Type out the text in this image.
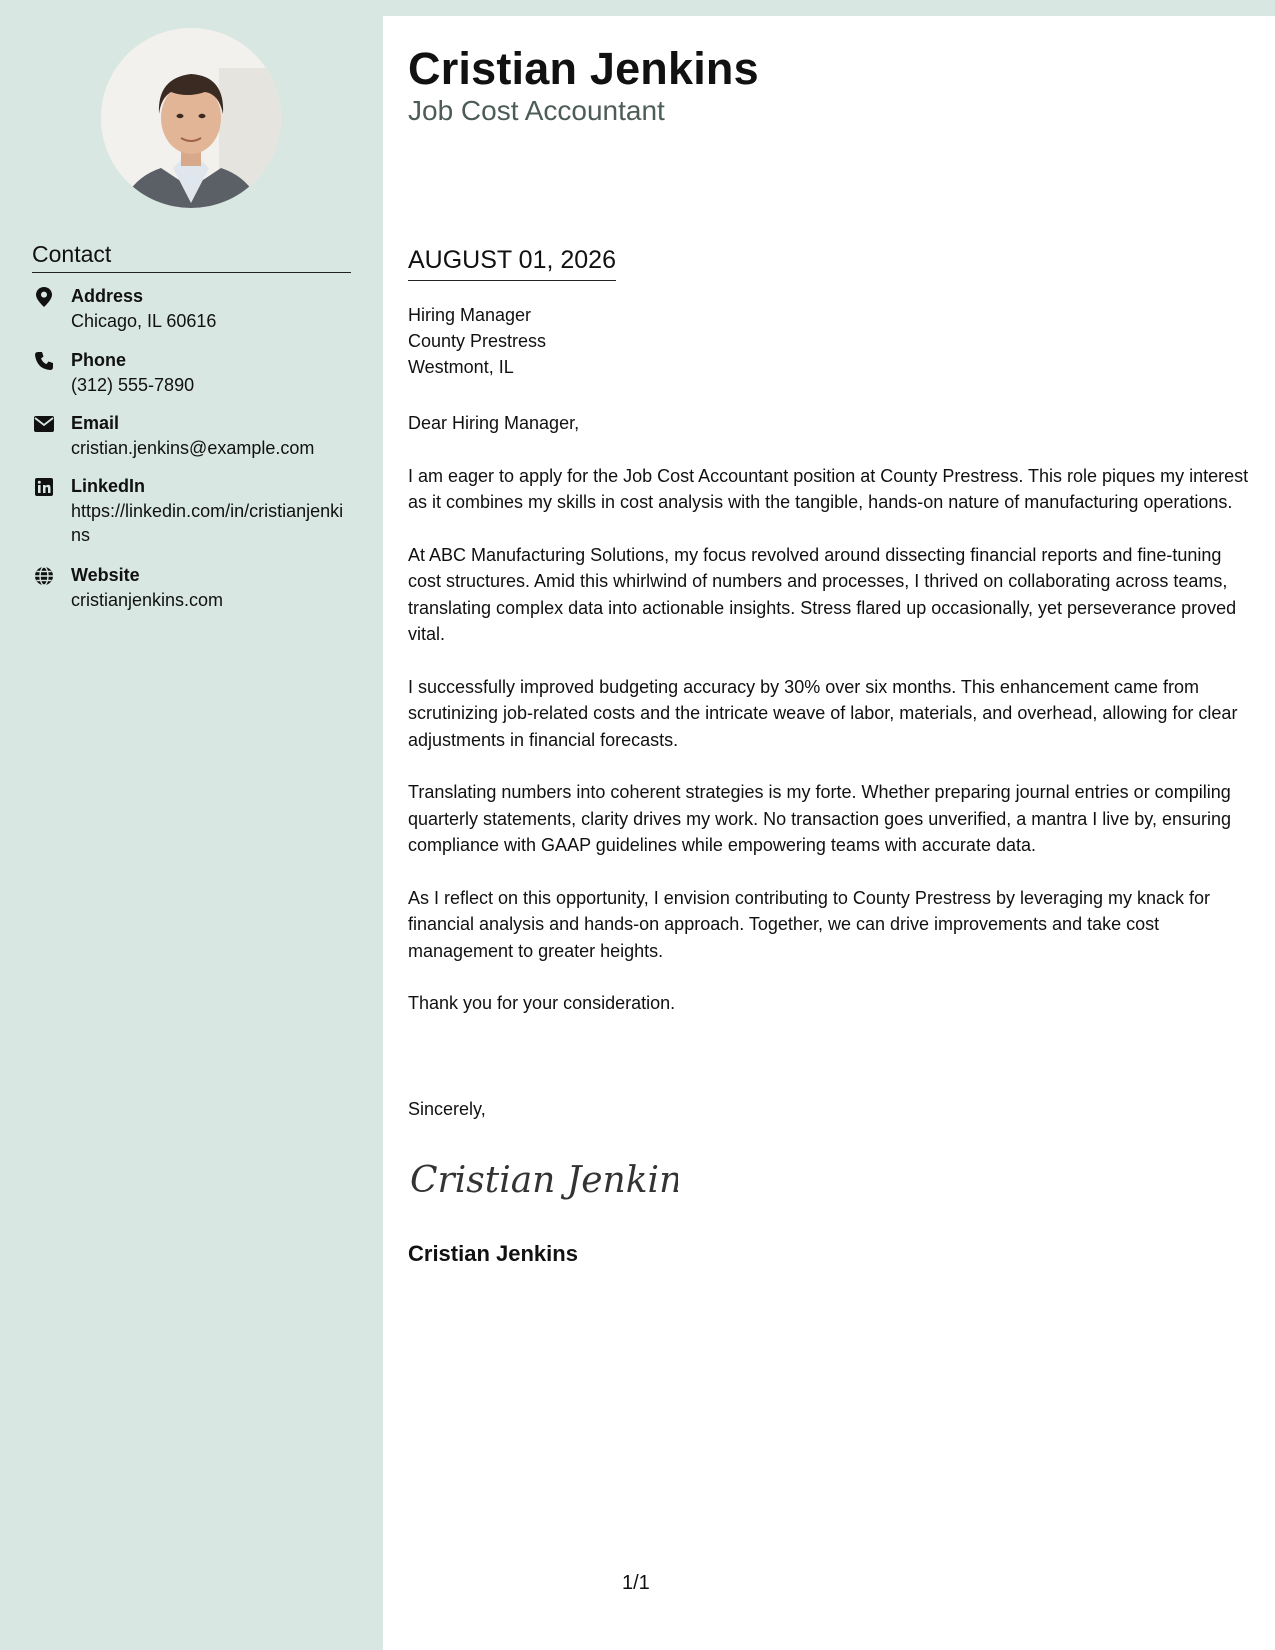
Contact
Address
Chicago, IL 60616
Phone
(312) 555-7890
Email
cristian.jenkins@example.com
LinkedIn
https://linkedin.com/in/cristianjenkins
Website
cristianjenkins.com
Cristian Jenkins
Job Cost Accountant
AUGUST 01, 2026
Hiring Manager
County Prestress
Westmont, IL

Dear Hiring Manager,

I am eager to apply for the Job Cost Accountant position at County Prestress. This role piques my interest as it combines my skills in cost analysis with the tangible, hands-on nature of manufacturing operations.

At ABC Manufacturing Solutions, my focus revolved around dissecting financial reports and fine-tuning cost structures. Amid this whirlwind of numbers and processes, I thrived on collaborating across teams, translating complex data into actionable insights. Stress flared up occasionally, yet perseverance proved vital.

I successfully improved budgeting accuracy by 30% over six months. This enhancement came from scrutinizing job-related costs and the intricate weave of labor, materials, and overhead, allowing for clear adjustments in financial forecasts.

Translating numbers into coherent strategies is my forte. Whether preparing journal entries or compiling quarterly statements, clarity drives my work. No transaction goes unverified, a mantra I live by, ensuring compliance with GAAP guidelines while empowering teams with accurate data.

As I reflect on this opportunity, I envision contributing to County Prestress by leveraging my knack for financial analysis and hands-on approach. Together, we can drive improvements and take cost management to greater heights.

Thank you for your consideration.

Sincerely,
Cristian Jenkins
Cristian Jenkins
1/1
